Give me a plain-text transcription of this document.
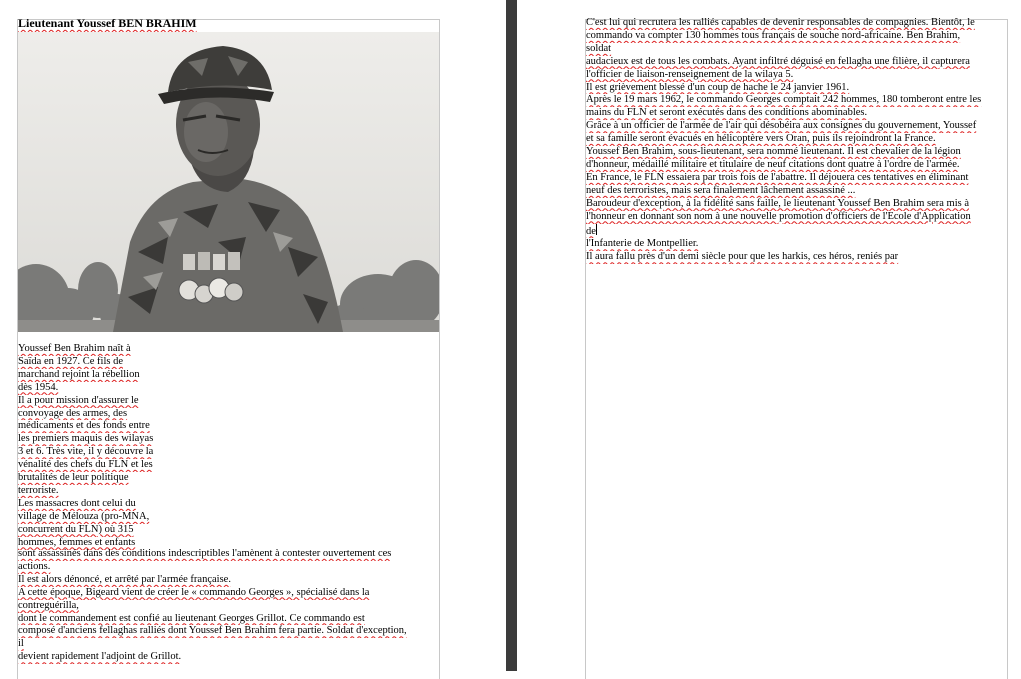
Lieutenant Youssef BEN BRAHIM

Youssef Ben Brahim naît à
Saïda en 1927. Ce fils de
marchand rejoint la rébellion
dès 1954.
Il a pour mission d'assurer le
convoyage des armes, des
médicaments et des fonds entre
les premiers maquis des wilayas
3 et 6. Très vite, il y découvre la
vénalité des chefs du FLN et les
brutalités de leur politique
terroriste.
Les massacres dont celui du
village de Mélouza (pro-MNA,
concurrent du FLN) où 315
hommes, femmes et enfants

sont assassinés dans des conditions indescriptibles l'amènent à contester ouvertement ces
actions.
Il est alors dénoncé, et arrêté par l'armée française.
A cette époque, Bigeard vient de créer le « commando Georges », spécialisé dans la
contreguérilla,
dont le commandement est confié au lieutenant Georges Grillot. Ce commando est
composé d'anciens fellaghas ralliés dont Youssef Ben Brahim fera partie. Soldat d'exception,
il
devient rapidement l'adjoint de Grillot.

C'est lui qui recrutera les ralliés capables de devenir responsables de compagnies. Bientôt, le
commando va compter 130 hommes tous français de souche nord-africaine. Ben Brahim,
soldat
audacieux est de tous les combats. Ayant infiltré déguisé en fellagha une filière, il capturera
l'officier de liaison-renseignement de la wilaya 5.
Il est grièvement blessé d'un coup de hache le 24 janvier 1961.
Après le 19 mars 1962, le commando Georges comptait 242 hommes, 180 tomberont entre les
mains du FLN et seront exécutés dans des conditions abominables.
Grâce à un officier de l'armée de l'air qui désobéira aux consignes du gouvernement, Youssef
et sa famille seront évacués en hélicoptère vers Oran, puis ils rejoindront la France.
Youssef Ben Brahim, sous-lieutenant, sera nommé lieutenant. Il est chevalier de la légion
d'honneur, médaillé militaire et titulaire de neuf citations dont quatre à l'ordre de l'armée.
En France, le FLN essaiera par trois fois de l'abattre. Il déjouera ces tentatives en éliminant
neuf des terroristes, mais sera finalement lâchement assassiné ...
Baroudeur d'exception, à la fidélité sans faille, le lieutenant Youssef Ben Brahim sera mis à
l'honneur en donnant son nom à une nouvelle promotion d'officiers de l'Ecole d'Application
de
l'Infanterie de Montpellier.
Il aura fallu près d'un demi siècle pour que les harkis, ces héros, reniés par
